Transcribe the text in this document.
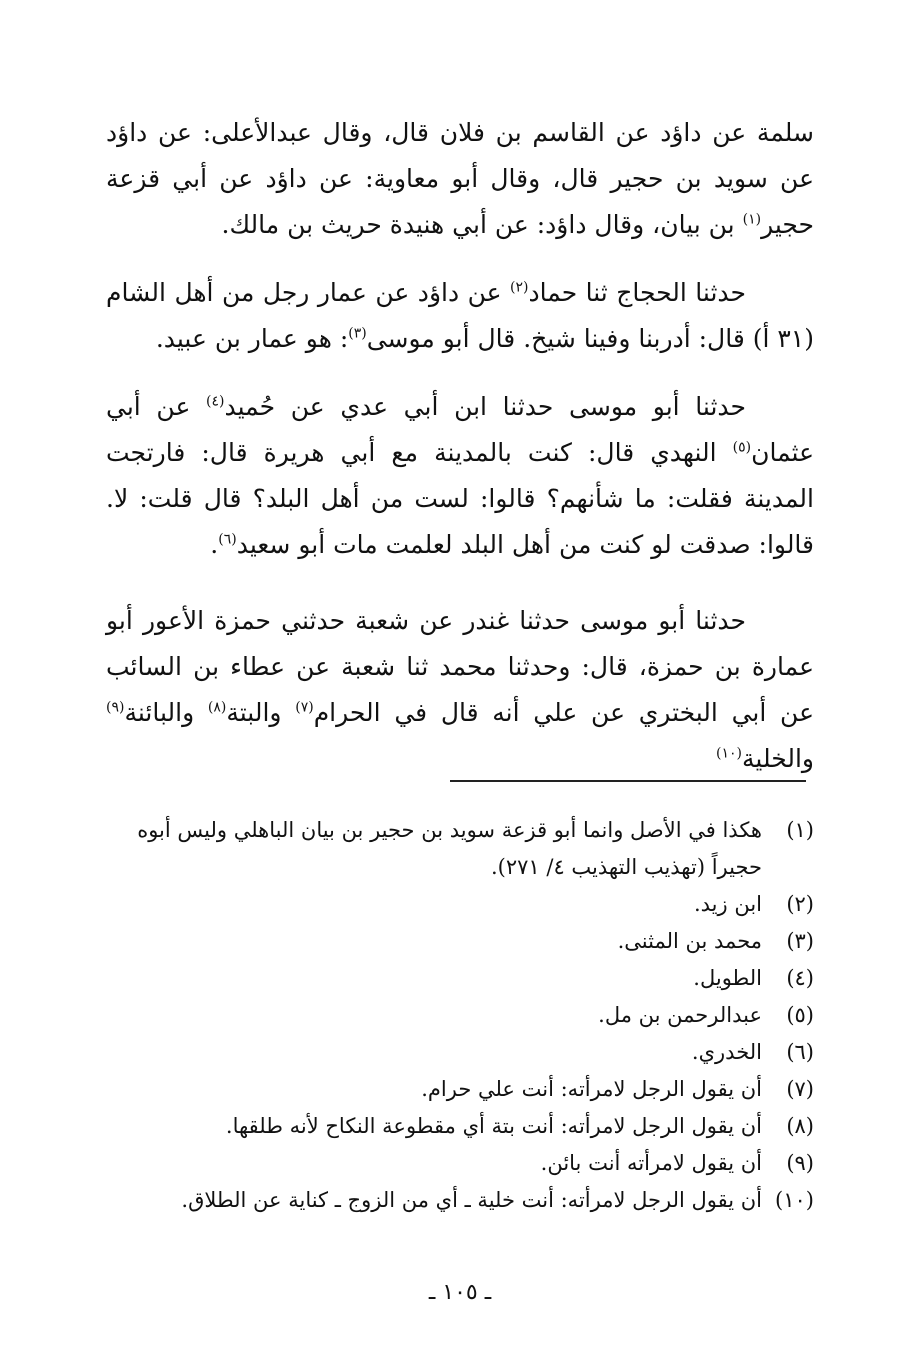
سلمة عن داؤد عن القاسم بن فلان قال، وقال عبدالأعلى: عن داؤد عن سويد بن حجير قال، وقال أبو معاوية: عن داؤد عن أبي قزعة حجير$^{(١)}$ بن بيان، وقال داؤد: عن أبي هنيدة حريث بن مالك.

حدثنا الحجاج ثنا حماد$^{(٢)}$ عن داؤد عن عمار رجل من أهل الشام (٣١ أ) قال: أدربنا وفينا شيخ. قال أبو موسى$^{(٣)}$: هو عمار بن عبيد.

حدثنا أبو موسى حدثنا ابن أبي عدي عن حُميد$^{(٤)}$ عن أبي عثمان$^{(٥)}$ النهدي قال: كنت بالمدينة مع أبي هريرة قال: فارتجت المدينة فقلت: ما شأنهم؟ قالوا: لست من أهل البلد؟ قال قلت: لا. قالوا: صدقت لو كنت من أهل البلد لعلمت مات أبو سعيد$^{(٦)}$.

حدثنا أبو موسى حدثنا غندر عن شعبة حدثني حمزة الأعور أبو عمارة بن حمزة، قال: وحدثنا محمد ثنا شعبة عن عطاء بن السائب عن أبي البختري عن علي أنه قال في الحرام$^{(٧)}$ والبتة$^{(٨)}$ والبائنة$^{(٩)}$ والخلية$^{(١٠)}$

(١)
هكذا في الأصل وانما أبو قزعة سويد بن حجير بن بيان الباهلي وليس أبوه حجيراً (تهذيب التهذيب ٤/ ٢٧١).
(٢)
ابن زيد.
(٣)
محمد بن المثنى.
(٤)
الطويل.
(٥)
عبدالرحمن بن مل.
(٦)
الخدري.
(٧)
أن يقول الرجل لامرأته: أنت علي حرام.
(٨)
أن يقول الرجل لامرأته: أنت بتة أي مقطوعة النكاح لأنه طلقها.
(٩)
أن يقول لامرأته أنت بائن.
(١٠)
أن يقول الرجل لامرأته: أنت خلية ـ أي من الزوج ـ كناية عن الطلاق.
ـ ١٠٥ ـ
